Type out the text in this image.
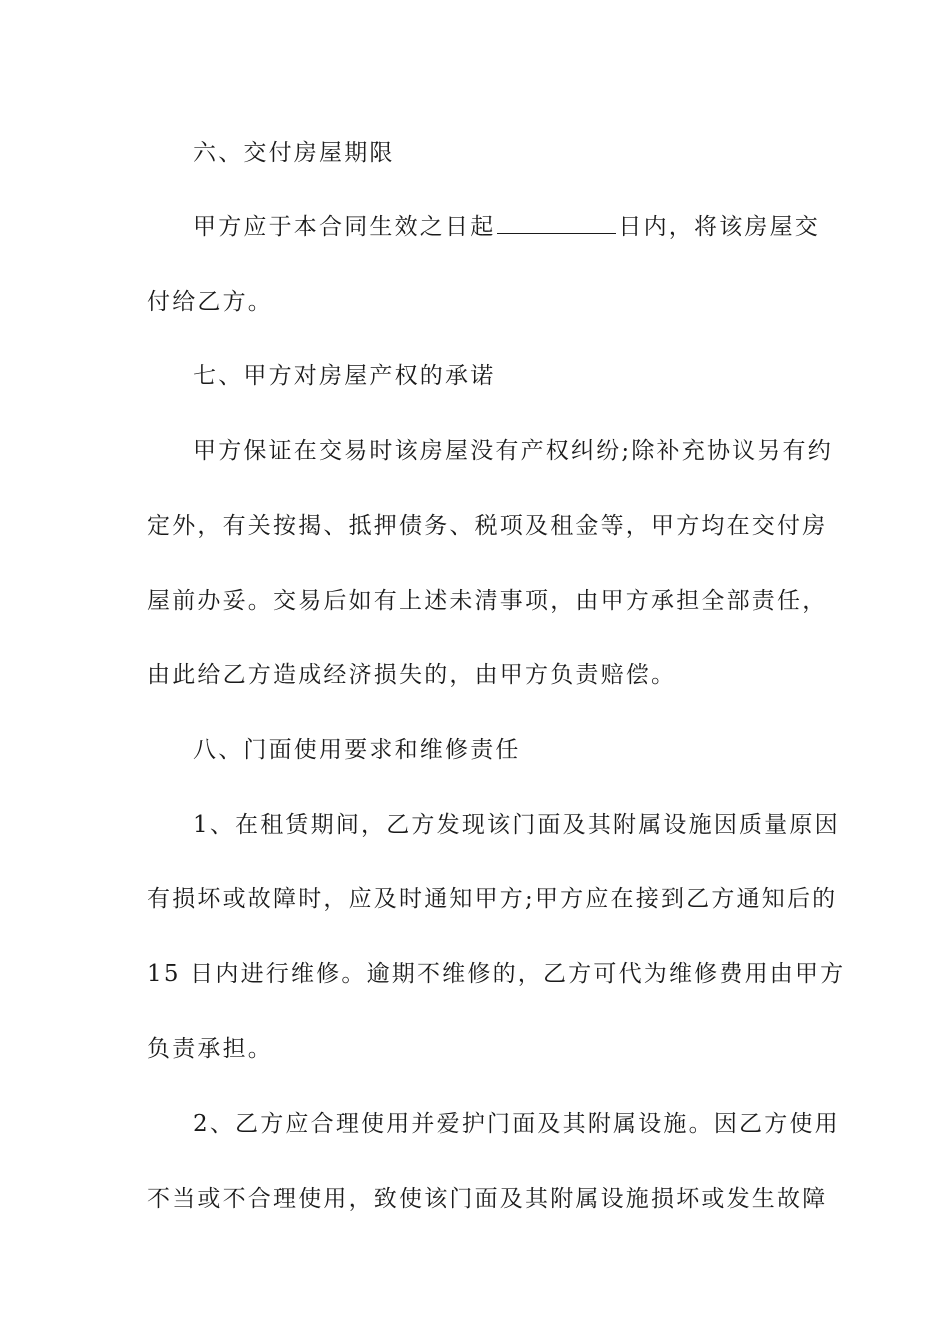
六、交付房屋期限
甲方应于本合同生效之日起	日内，将该房屋交
付给乙方。
七、甲方对房屋产权的承诺
甲方保证在交易时该房屋没有产权纠纷;除补充协议另有约
定外，有关按揭、抵押债务、税项及租金等，甲方均在交付房
屋前办妥。交易后如有上述未清事项，由甲方承担全部责任，
由此给乙方造成经济损失的，由甲方负责赔偿。
八、门面使用要求和维修责任
1、在租赁期间，乙方发现该门面及其附属设施因质量原因
有损坏或故障时，应及时通知甲方;甲方应在接到乙方通知后的
15 日内进行维修。逾期不维修的，乙方可代为维修费用由甲方
负责承担。
2、乙方应合理使用并爱护门面及其附属设施。因乙方使用
不当或不合理使用，致使该门面及其附属设施损坏或发生故障
